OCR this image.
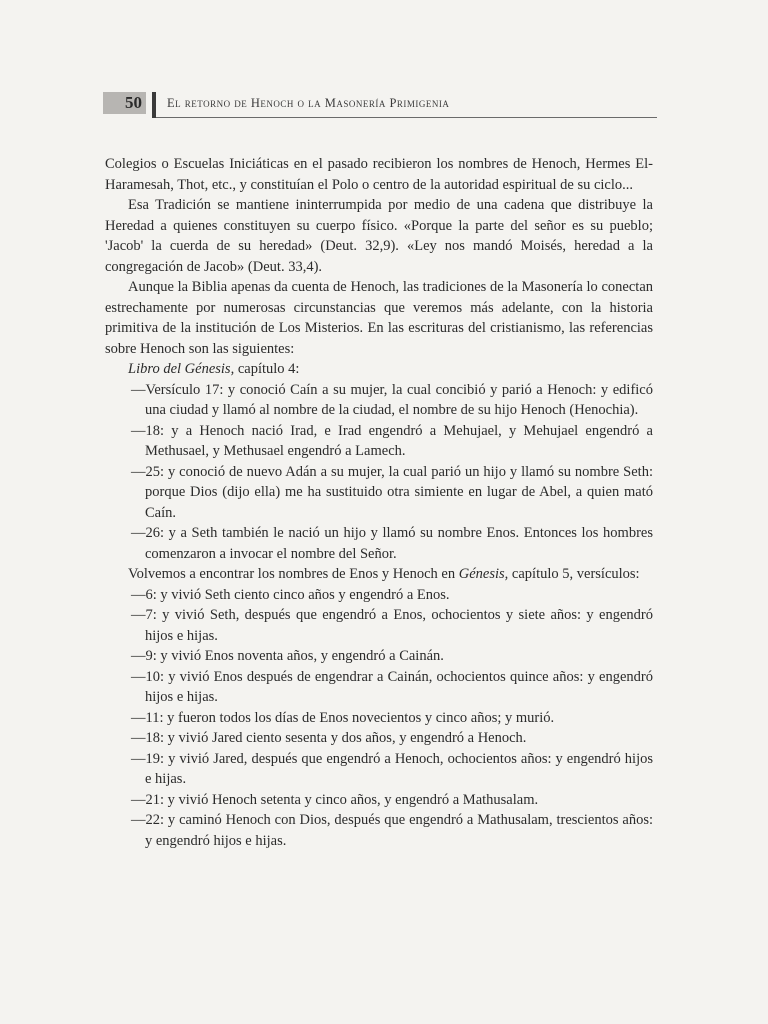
50	El retorno de Henoch o la Masonería Primigenia

Colegios o Escuelas Iniciáticas en el pasado recibieron los nombres de Henoch, Hermes El-Haramesah, Thot, etc., y constituían el Polo o centro de la autoridad espiritual de su ciclo...

Esa Tradición se mantiene ininterrumpida por medio de una cadena que distribuye la Heredad a quienes constituyen su cuerpo físico. «Porque la parte del señor es su pueblo; 'Jacob' la cuerda de su heredad» (Deut. 32,9). «Ley nos mandó Moisés, heredad a la congregación de Jacob» (Deut. 33,4).

Aunque la Biblia apenas da cuenta de Henoch, las tradiciones de la Masonería lo conectan estrechamente por numerosas circunstancias que veremos más adelante, con la historia primitiva de la institución de Los Misterios. En las escrituras del cristianismo, las referencias sobre Henoch son las siguientes:

Libro del Génesis, capítulo 4:

—Versículo 17: y conoció Caín a su mujer, la cual concibió y parió a Henoch: y edificó una ciudad y llamó al nombre de la ciudad, el nombre de su hijo Henoch (Henochia).

—18: y a Henoch nació Irad, e Irad engendró a Mehujael, y Mehujael engendró a Methusael, y Methusael engendró a Lamech.

—25: y conoció de nuevo Adán a su mujer, la cual parió un hijo y llamó su nombre Seth: porque Dios (dijo ella) me ha sustituido otra simiente en lugar de Abel, a quien mató Caín.

—26: y a Seth también le nació un hijo y llamó su nombre Enos. Entonces los hombres comenzaron a invocar el nombre del Señor.

Volvemos a encontrar los nombres de Enos y Henoch en Génesis, capítulo 5, versículos:

—6: y vivió Seth ciento cinco años y engendró a Enos.

—7: y vivió Seth, después que engendró a Enos, ochocientos y siete años: y engendró hijos e hijas.

—9: y vivió Enos noventa años, y engendró a Cainán.

—10: y vivió Enos después de engendrar a Cainán, ochocientos quince años: y engendró hijos e hijas.

—11: y fueron todos los días de Enos novecientos y cinco años; y murió.

—18: y vivió Jared ciento sesenta y dos años, y engendró a Henoch.

—19: y vivió Jared, después que engendró a Henoch, ochocientos años: y engendró hijos e hijas.

—21: y vivió Henoch setenta y cinco años, y engendró a Mathusalam.

—22: y caminó Henoch con Dios, después que engendró a Mathusalam, trescientos años: y engendró hijos e hijas.
